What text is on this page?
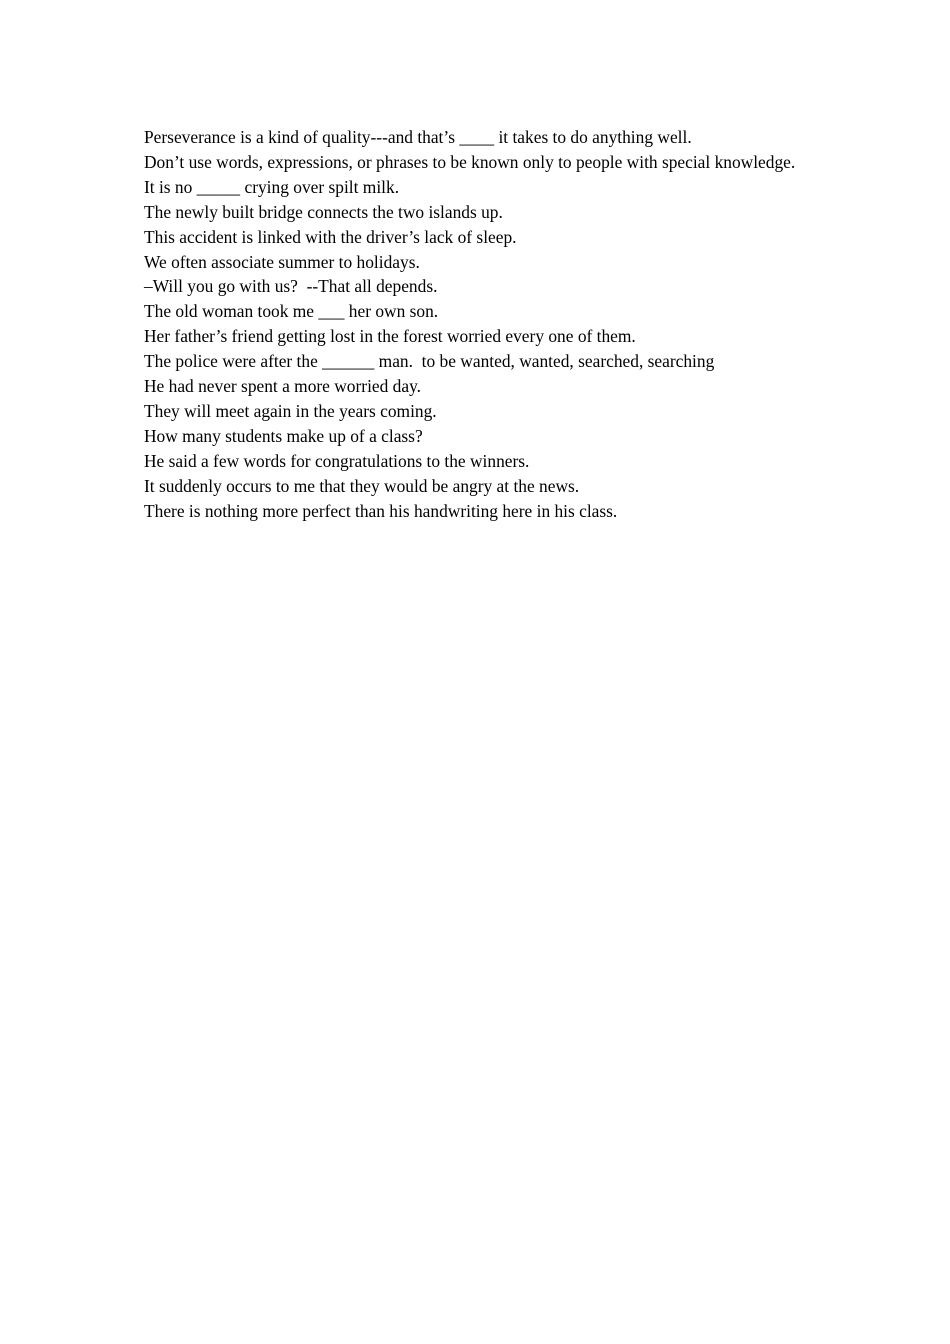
Perseverance is a kind of quality---and that’s ____ it takes to do anything well.

Don’t use words, expressions, or phrases to be known only to people with special knowledge.

It is no _____ crying over spilt milk.

The newly built bridge connects the two islands up.

This accident is linked with the driver’s lack of sleep.

We often associate summer to holidays.

–Will you go with us?  --That all depends.

The old woman took me ___ her own son.

Her father’s friend getting lost in the forest worried every one of them.

The police were after the ______ man.  to be wanted, wanted, searched, searching

He had never spent a more worried day.

They will meet again in the years coming.

How many students make up of a class?

He said a few words for congratulations to the winners.

It suddenly occurs to me that they would be angry at the news.

There is nothing more perfect than his handwriting here in his class.
